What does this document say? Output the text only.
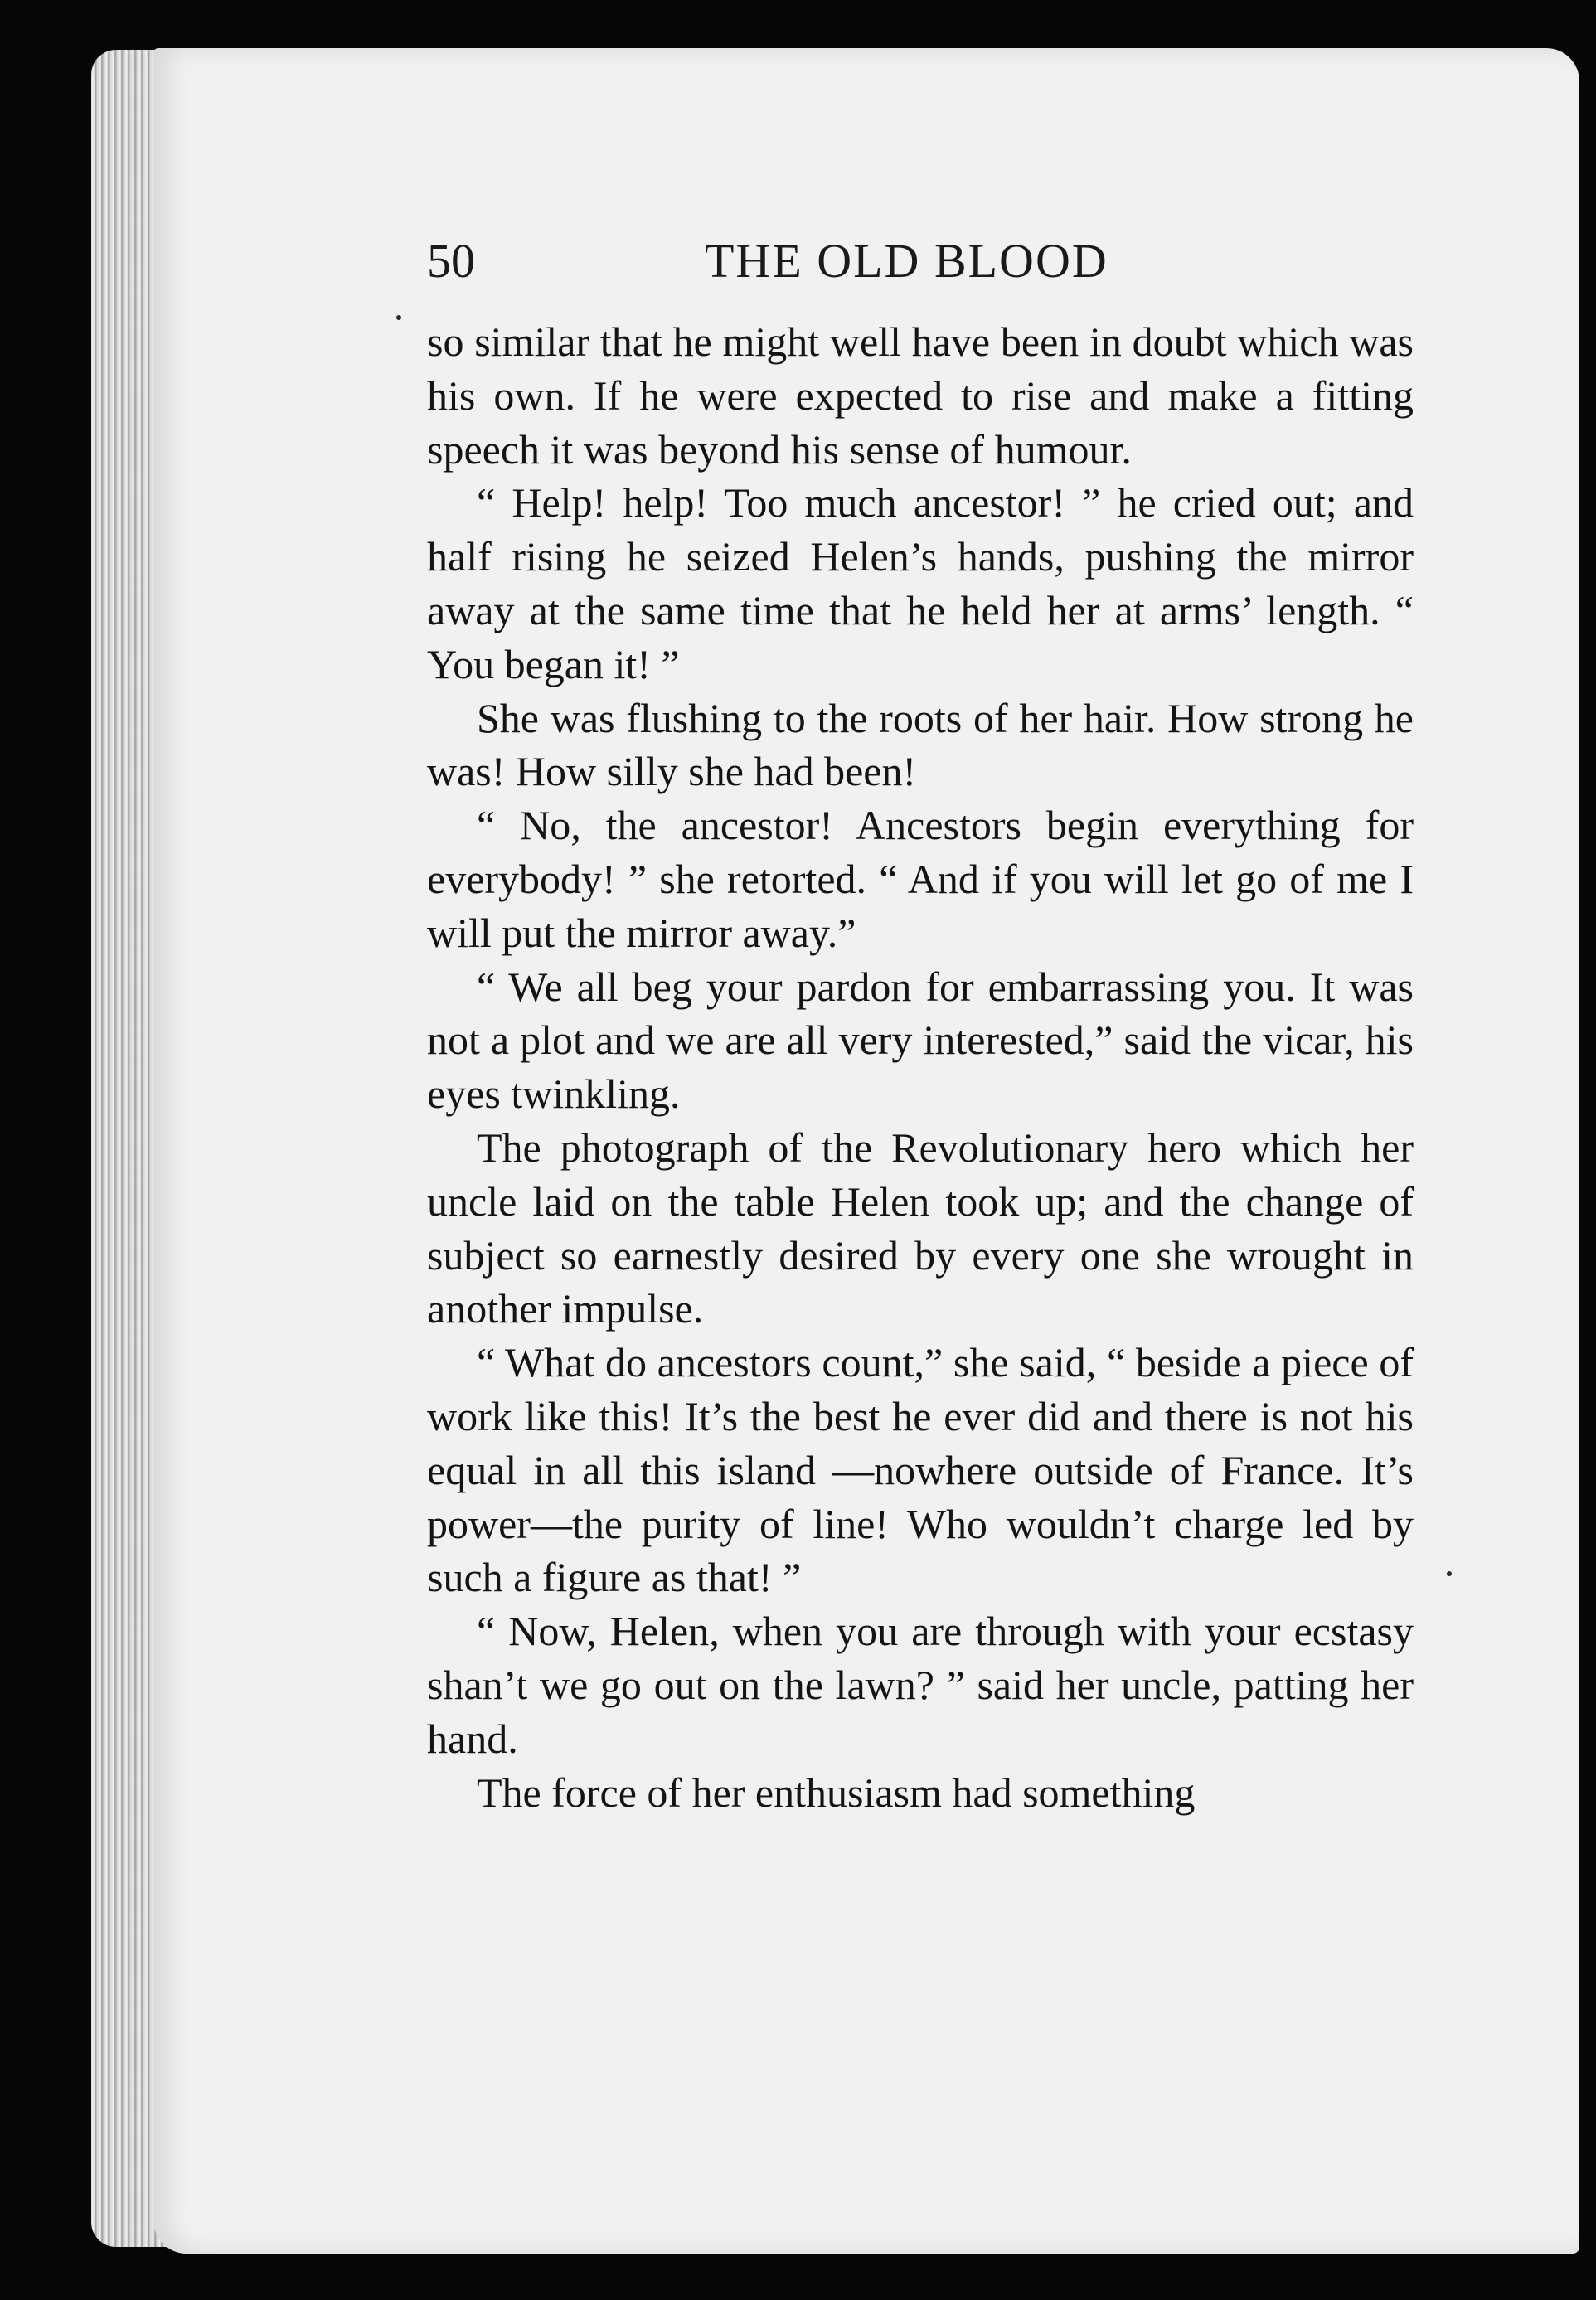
50	THE OLD BLOOD

so similar that he might well have been in doubt which was his own. If he were expected to rise and make a fitting speech it was beyond his sense of humour.

“ Help! help! Too much ancestor! ” he cried out; and half rising he seized Helen’s hands, pushing the mirror away at the same time that he held her at arms’ length. “ You began it! ”

She was flushing to the roots of her hair. How strong he was! How silly she had been!

“ No, the ancestor! Ancestors begin everything for everybody! ” she retorted. “ And if you will let go of me I will put the mirror away.”

“ We all beg your pardon for embarrassing you. It was not a plot and we are all very interested,” said the vicar, his eyes twinkling.

The photograph of the Revolutionary hero which her uncle laid on the table Helen took up; and the change of subject so earnestly desired by every one she wrought in another impulse.

“ What do ancestors count,” she said, “ beside a piece of work like this! It’s the best he ever did and there is not his equal in all this island —nowhere outside of France. It’s power—the purity of line! Who wouldn’t charge led by such a figure as that! ”

“ Now, Helen, when you are through with your ecstasy shan’t we go out on the lawn? ” said her uncle, patting her hand.

The force of her enthusiasm had something
